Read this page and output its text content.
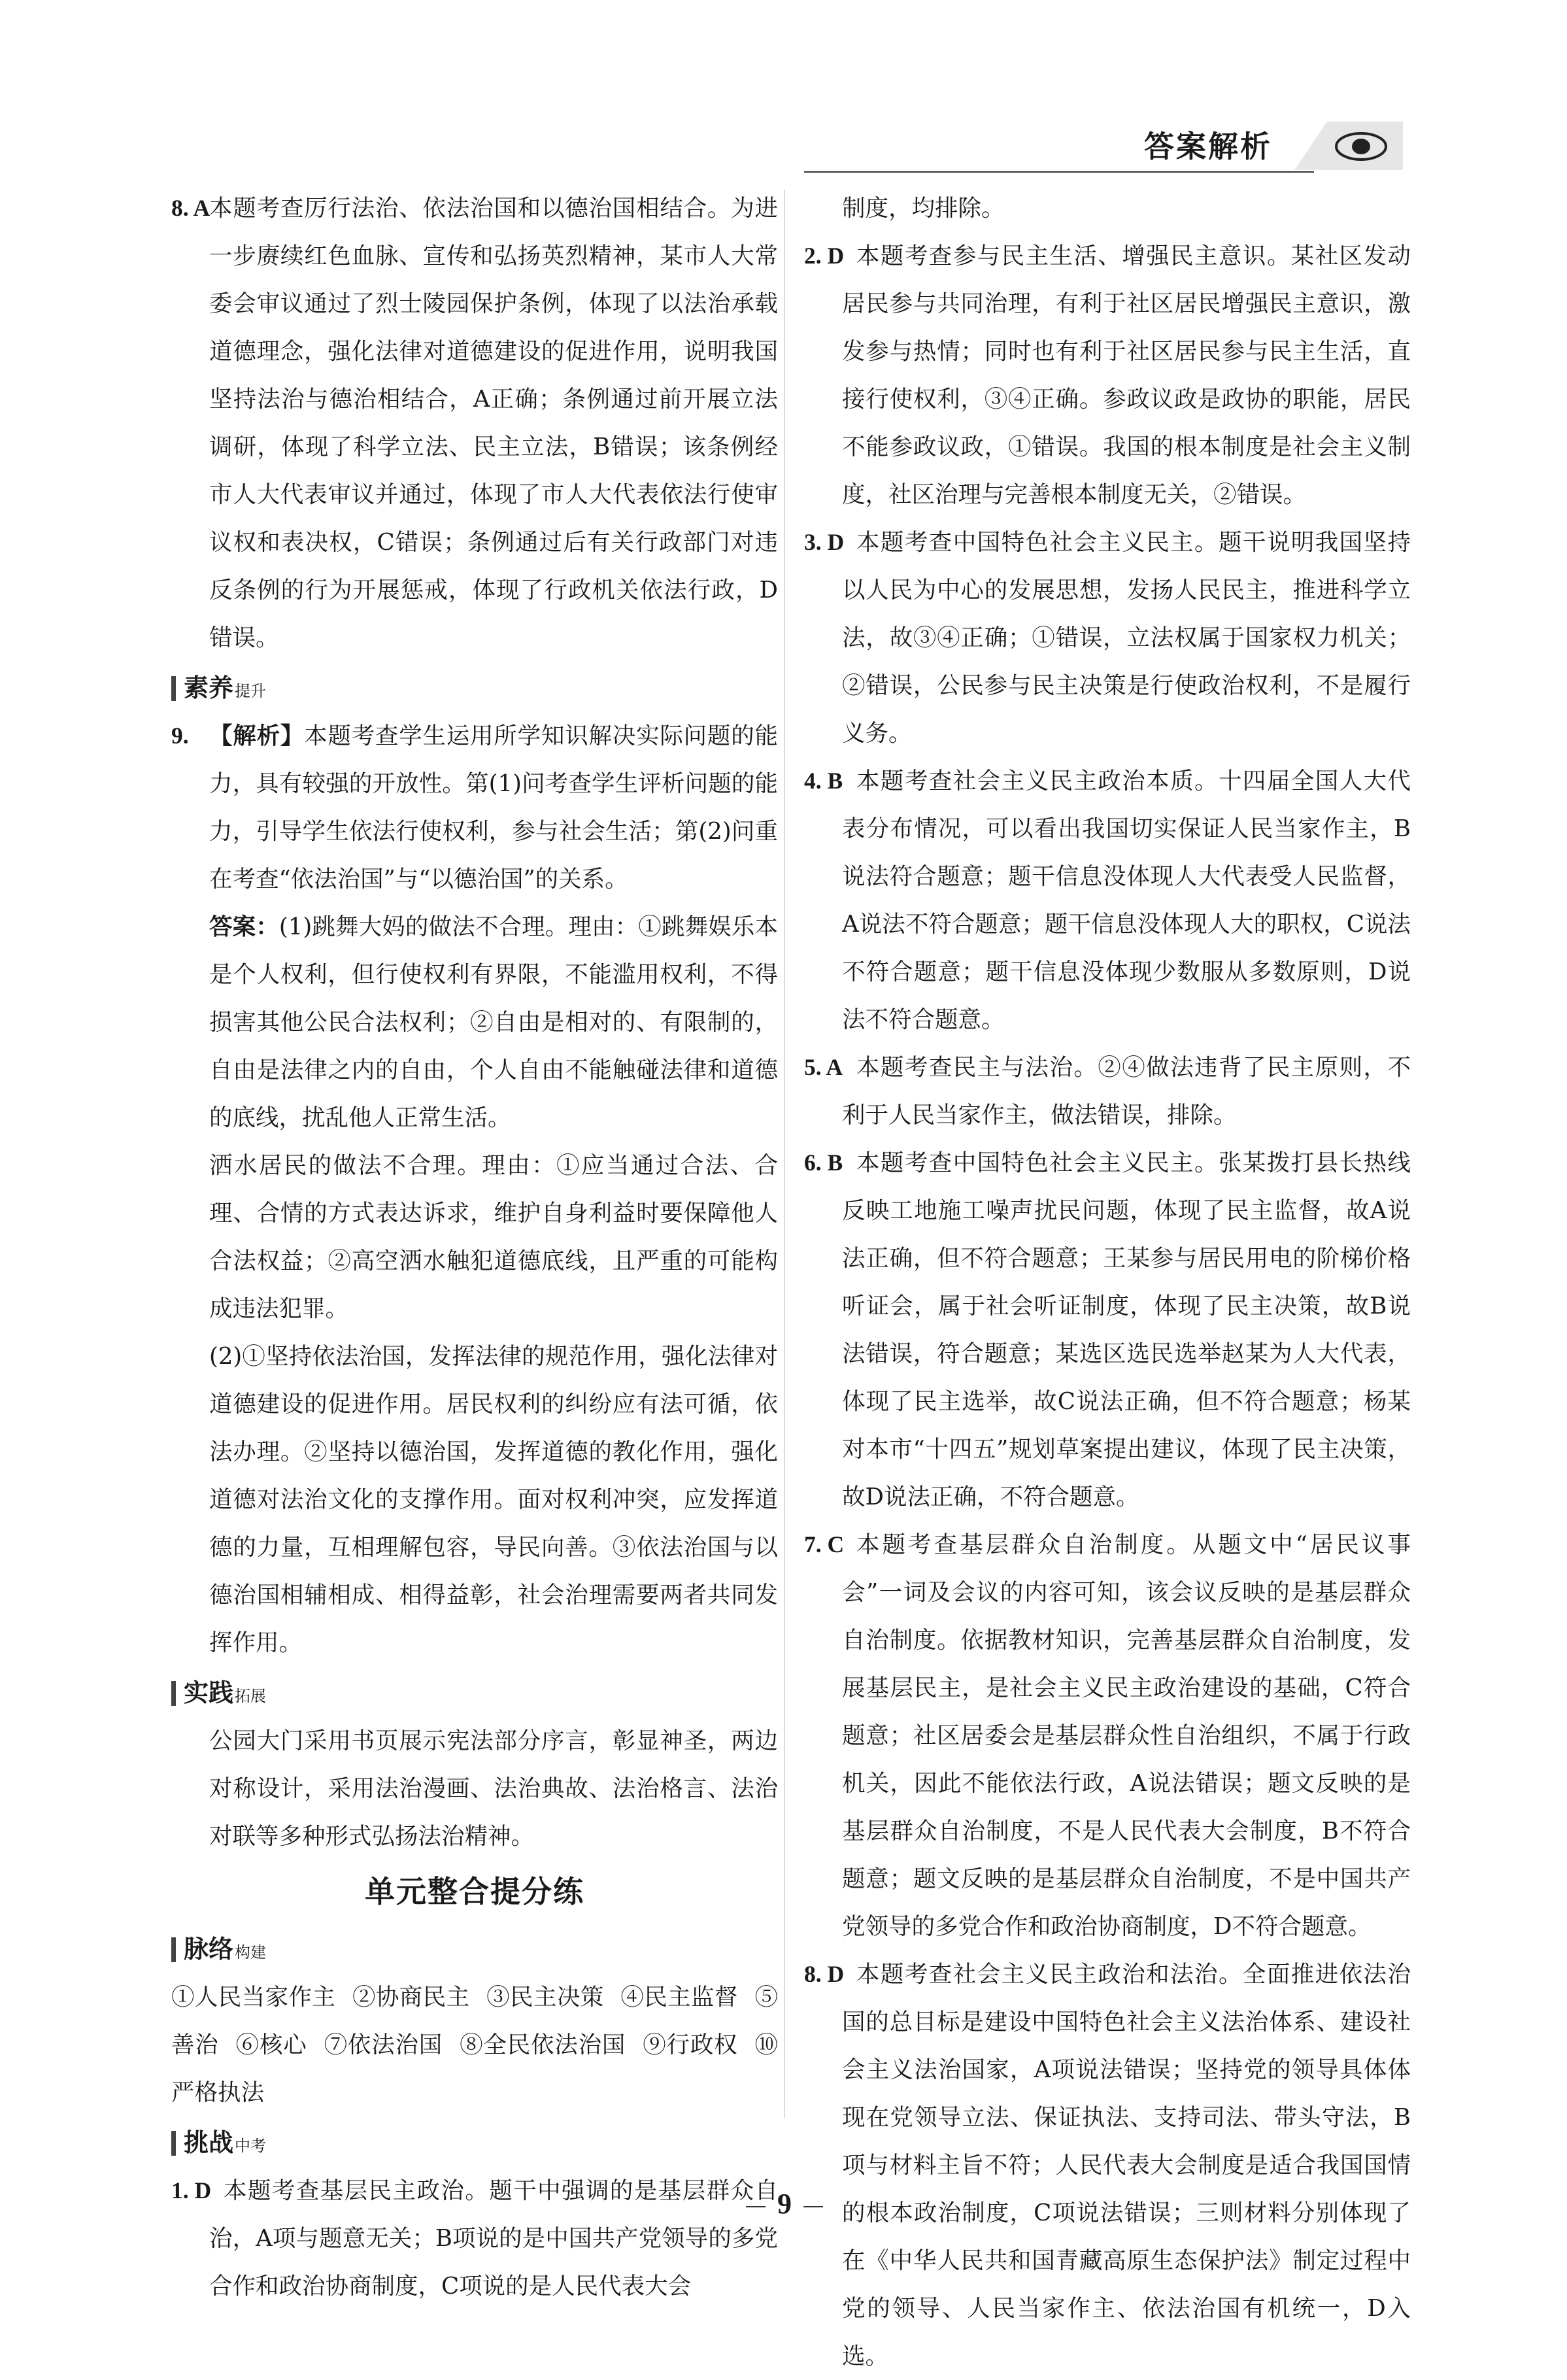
答案解析

8. A
本题考查厉行法治、依法治国和以德治国相结合。为进一步赓续红色血脉、宣传和弘扬英烈精神，某市人大常委会审议通过了烈士陵园保护条例，体现了以法治承载道德理念，强化法律对道德建设的促进作用，说明我国坚持法治与德治相结合，A正确；条例通过前开展立法调研，体现了科学立法、民主立法，B错误；该条例经市人大代表审议并通过，体现了市人大代表依法行使审议权和表决权，C错误；条例通过后有关行政部门对违反条例的行为开展惩戒，体现了行政机关依法行政，D错误。

素养 提升

9. 【解析】本题考查学生运用所学知识解决实际问题的能力，具有较强的开放性。第(1)问考查学生评析问题的能力，引导学生依法行使权利，参与社会生活；第(2)问重在考查“依法治国”与“以德治国”的关系。

答案：(1)跳舞大妈的做法不合理。理由：①跳舞娱乐本是个人权利，但行使权利有界限，不能滥用权利，不得损害其他公民合法权利；②自由是相对的、有限制的，自由是法律之内的自由，个人自由不能触碰法律和道德的底线，扰乱他人正常生活。

洒水居民的做法不合理。理由：①应当通过合法、合理、合情的方式表达诉求，维护自身利益时要保障他人合法权益；②高空洒水触犯道德底线，且严重的可能构成违法犯罪。

(2)①坚持依法治国，发挥法律的规范作用，强化法律对道德建设的促进作用。居民权利的纠纷应有法可循，依法办理。②坚持以德治国，发挥道德的教化作用，强化道德对法治文化的支撑作用。面对权利冲突，应发挥道德的力量，互相理解包容，导民向善。③依法治国与以德治国相辅相成、相得益彰，社会治理需要两者共同发挥作用。

实践 拓展

公园大门采用书页展示宪法部分序言，彰显神圣，两边对称设计，采用法治漫画、法治典故、法治格言、法治对联等多种形式弘扬法治精神。

单元整合提分练
脉络 构建

①人民当家作主 ②协商民主 ③民主决策 ④民主监督 ⑤善治 ⑥核心 ⑦依法治国 ⑧全民依法治国 ⑨行政权 ⑩严格执法

挑战 中考

1. D 本题考查基层民主政治。题干中强调的是基层群众自治，A项与题意无关；B项说的是中国共产党领导的多党合作和政治协商制度，C项说的是人民代表大会

制度，均排除。

2. D 本题考查参与民主生活、增强民主意识。某社区发动居民参与共同治理，有利于社区居民增强民主意识，激发参与热情；同时也有利于社区居民参与民主生活，直接行使权利，③④正确。参政议政是政协的职能，居民不能参政议政，①错误。我国的根本制度是社会主义制度，社区治理与完善根本制度无关，②错误。

3. D 本题考查中国特色社会主义民主。题干说明我国坚持以人民为中心的发展思想，发扬人民民主，推进科学立法，故③④正确；①错误，立法权属于国家权力机关；②错误，公民参与民主决策是行使政治权利，不是履行义务。

4. B 本题考查社会主义民主政治本质。十四届全国人大代表分布情况，可以看出我国切实保证人民当家作主，B说法符合题意；题干信息没体现人大代表受人民监督，A说法不符合题意；题干信息没体现人大的职权，C说法不符合题意；题干信息没体现少数服从多数原则，D说法不符合题意。

5. A 本题考查民主与法治。②④做法违背了民主原则，不利于人民当家作主，做法错误，排除。

6. B 本题考查中国特色社会主义民主。张某拨打县长热线反映工地施工噪声扰民问题，体现了民主监督，故A说法正确，但不符合题意；王某参与居民用电的阶梯价格听证会，属于社会听证制度，体现了民主决策，故B说法错误，符合题意；某选区选民选举赵某为人大代表，体现了民主选举，故C说法正确，但不符合题意；杨某对本市“十四五”规划草案提出建议，体现了民主决策，故D说法正确，不符合题意。

7. C 本题考查基层群众自治制度。从题文中“居民议事会”一词及会议的内容可知，该会议反映的是基层群众自治制度。依据教材知识，完善基层群众自治制度，发展基层民主，是社会主义民主政治建设的基础，C符合题意；社区居委会是基层群众性自治组织，不属于行政机关，因此不能依法行政，A说法错误；题文反映的是基层群众自治制度，不是人民代表大会制度，B不符合题意；题文反映的是基层群众自治制度，不是中国共产党领导的多党合作和政治协商制度，D不符合题意。

8. D 本题考查社会主义民主政治和法治。全面推进依法治国的总目标是建设中国特色社会主义法治体系、建设社会主义法治国家，A项说法错误；坚持党的领导具体体现在党领导立法、保证执法、支持司法、带头守法，B项与材料主旨不符；人民代表大会制度是适合我国国情的根本政治制度，C项说法错误；三则材料分别体现了在《中华人民共和国青藏高原生态保护法》制定过程中党的领导、人民当家作主、依法治国有机统一，D入选。

9
